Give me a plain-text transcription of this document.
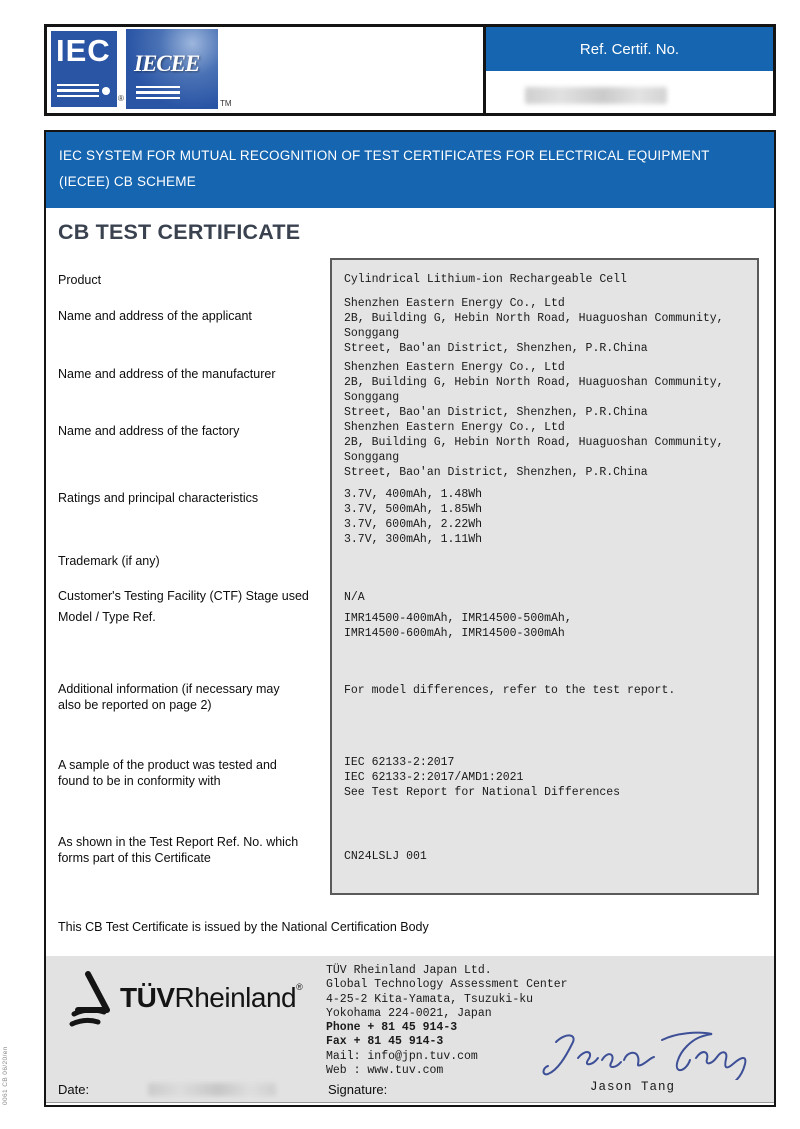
0061 CB 06/20/en
IEC
®
IECEE
TM
Ref. Certif. No.
IEC SYSTEM FOR MUTUAL RECOGNITION OF TEST CERTIFICATES FOR ELECTRICAL EQUIPMENT
(IECEE) CB SCHEME
CB TEST CERTIFICATE
Product
Name and address of the applicant
Name and address of the manufacturer
Name and address of the factory
Ratings and principal characteristics
Trademark (if any)
Customer's Testing Facility (CTF) Stage used
Model / Type Ref.
Additional information (if necessary may
also be reported on page 2)
A sample of the product was tested and
found to be in conformity with
As shown in the Test Report Ref. No. which
forms part of this Certificate
Cylindrical Lithium-ion Rechargeable Cell
Shenzhen Eastern Energy Co., Ltd
2B, Building G, Hebin North Road, Huaguoshan Community, Songgang
Street, Bao'an District, Shenzhen, P.R.China
Shenzhen Eastern Energy Co., Ltd
2B, Building G, Hebin North Road, Huaguoshan Community, Songgang
Street, Bao'an District, Shenzhen, P.R.China
Shenzhen Eastern Energy Co., Ltd
2B, Building G, Hebin North Road, Huaguoshan Community, Songgang
Street, Bao'an District, Shenzhen, P.R.China
3.7V, 400mAh, 1.48Wh
3.7V, 500mAh, 1.85Wh
3.7V, 600mAh, 2.22Wh
3.7V, 300mAh, 1.11Wh
N/A
IMR14500-400mAh, IMR14500-500mAh,
IMR14500-600mAh, IMR14500-300mAh
For model differences, refer to the test report.
IEC 62133-2:2017
IEC 62133-2:2017/AMD1:2021
See Test Report for National Differences
CN24LSLJ 001
This CB Test Certificate is issued by the National Certification Body
TÜVRheinland®
TÜV Rheinland Japan Ltd.
Global Technology Assessment Center
4-25-2 Kita-Yamata, Tsuzuki-ku
Yokohama 224-0021, Japan
Phone + 81 45 914-3
Fax + 81 45 914-3
Mail: info@jpn.tuv.com
Web : www.tuv.com
Jason Tang
Date:	Signature:
